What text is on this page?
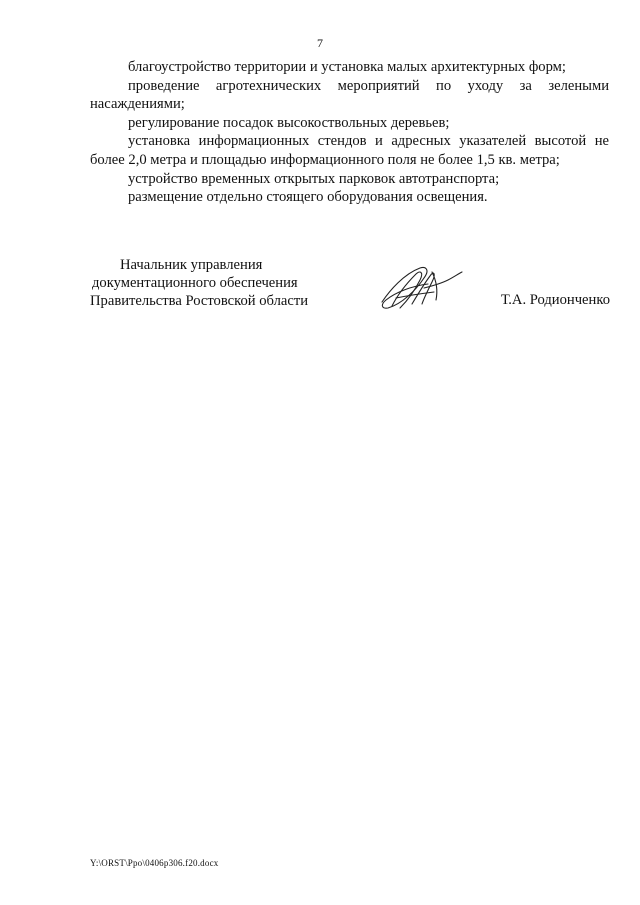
7

благоустройство территории и установка малых архитектурных форм;

проведение агротехнических мероприятий по уходу за зелеными насаждениями;

регулирование посадок высокоствольных деревьев;

установка информационных стендов и адресных указателей высотой не более 2,0 метра и площадью информационного поля не более 1,5 кв. метра;

устройство временных открытых парковок автотранспорта;

размещение отдельно стоящего оборудования освещения.

Начальник управления
документационного обеспечения
Правительства Ростовской области	Т.А. Родионченко
Y:\ORST\Ppo\0406p306.f20.docx
